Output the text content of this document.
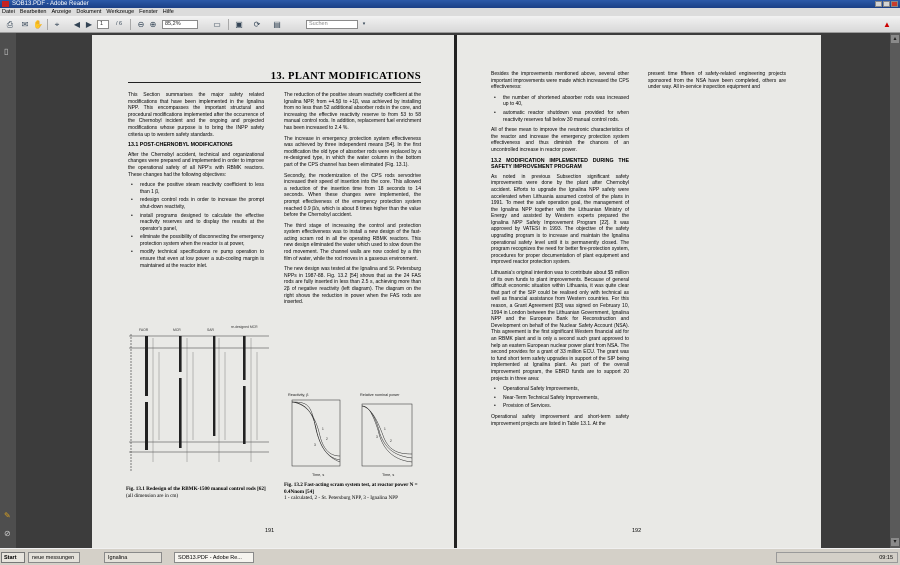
SOB13.PDF - Adobe Reader
Datei Bearbeiten Anzeige Dokument Werkzeuge Fenster Hilfe
⎙	✉ ✋	⌖	◀ ▶	1	/ 6	⊖ ⊕	85,2%	▭ ▣ ⟳ ▤	Suchen	▾	▲
▯
✎
⊘
▴
▾
13. PLANT MODIFICATIONS

This Section summarises the major safety related modifications that have been implemented in the Ignalina NPP. This encompasses the important structural and procedural modifications implemented after the occurrence of the Chernobyl incident and the ongoing and projected modifications whose purpose is to bring the INPP safety criteria up to western safety standards.

13.1 POST-CHERNOBYL MODIFICATIONS

After the Chernobyl accident, technical and organizational changes were prepared and implemented in order to improve the operational safety of all NPP’s with RBMK reactors. These changes had the following objectives:

• reduce the positive steam reactivity coefficient to less than 1 β,
• redesign control rods in order to increase the prompt shut-down reactivity,
• install programs designed to calculate the effective reactivity reserves and to display the results at the operator's panel,
• eliminate the possibility of disconnecting the emergency protection system when the reactor is at power,
• modify technical specifications re pump operation to ensure that even at low power a sub-cooling margin is maintained at the reactor inlet.

The reduction of the positive steam reactivity coefficient at the Ignalina NPP, from +4.5β to +1β, was achieved by installing from no less than 52 additional absorber rods in the core, and increasing the effective reactivity reserve to from 53 to 58 manual control rods. In addition, replacement fuel enrichment has been increased to 2.4 %.

The increase in emergency protection system effectiveness was achieved by three independent means [54]. In the first modification the old type of absorber rods were replaced by a re-designed type, in which the water column in the bottom part of the CPS channel has been eliminated (Fig. 13.1).

Secondly, the modernization of the CPS rods servodrive increased their speed of insertion into the core. This allowed a reduction of the insertion time from 18 seconds to 14 seconds. When these changes were implemented, the prompt effectiveness of the emergency protection system reached 0.9 β/s, which is about 8 times higher than the value before the Chernobyl accident.

The third stage of increasing the control and protection system effectiveness was to install a new design of the fast-acting scram rod in all the operating RBMK reactors. This new design eliminated the water which used to slow down the rod movement. The channel walls are now cooled by a thin film of water, while the rod moves in a gaseous environment.

The new design was tested at the Ignalina and St. Petersburg NPPs in 1987-88. Fig. 13.2 [54] shows that as the 24 FAS rods are fully inserted in less than 2.5 s, achieving more than 2β of negative reactivity (left diagram). The diagram on the right shows the reduction in power when the FAS rods are inserted.

FAOR	MCR	SAR
re-designed MCR
Fig. 13.1 Redesign of the RBMK-1500 manual control rods [62] (all dimension are in cm)
Reactivity, β	Relative nominal power
Time, s	Time, s
1
2
3
1
2
3
Fig. 13.2 Fast-acting scram system test, at reactor power N = 0.4Nnom [54]
1 - calculated, 2 - St. Petersburg NPP, 3 - Ignalina NPP
191

Besides the improvements mentioned above, several other important improvements were made which increased the CPS effectiveness:

• the number of shortened absorber rods was increased up to 40,
• automatic reactor shutdown was provided for when reactivity reserves fall below 30 manual control rods.

All of these mean to improve the neutronic characteristics of the reactor and increase the emergency protection system effectiveness and thus diminish the chances of an uncontrolled increase in reactor power.

13.2 MODIFICATION IMPLEMENTED DURING THE SAFETY IMPROVEMENT PROGRAM

As noted in previous Subsection significant safety improvements were done by the plant after Chernobyl accident. Efforts to upgrade the Ignalina NPP safety were accelerated when Lithuania assumed control of the plans in 1991. To meet the safe operation goal, the management of the Ignalina NPP together with the Lithuanian Ministry of Energy and assisted by Western experts prepared the Ignalina NPP Safety Improvement Program [22]. It was approved by VATESI in 1993. The objective of the safety upgrading program is to increase and maintain the Ignalina operational safety level until it is permanently closed. The program recognizes the need for better fire-protection system, procedures for proper documentation of plant equipment and improved reactor protection system.

Lithuania’s original intention was to contribute about $5 million of its own funds to plant improvements. Because of general difficult economic situation within Lithuania, it was quite clear that part of the SIP could be realised only with technical as well as financial assistance from Western countries. For this reason, a Grant Agreement [83] was signed on February 10, 1994 in London between the Lithuanian Government, Ignalina NPP and the European Bank for Reconstruction and Development on behalf of the Nuclear Safety Account (NSA). This agreement is the first significant Western financial aid for an RBMK plant and is only a second such grant approved to help an eastern European nuclear power plant from NSA. The second provides for a grant of 33 million ECU. The grant was to fund short term safety upgrades in support of the SIP being implemented at Ignalina plant. As part of the overall improvement program, the EBRD funds are to support 20 projects in three area:

• Operational Safety Improvements,
• Near-Term Technical Safety Improvements,
• Provision of Services.

Operational safety improvement and short-term safety improvement projects are listed in Table 13.1. At the

present time fifteen of safety-related engineering projects sponsored from the NSA have been completed, others are under way. All in-service inspection equipment and

192
Start	neue messungen	Ignalina	SOB13.PDF - Adobe Re...	09:15
